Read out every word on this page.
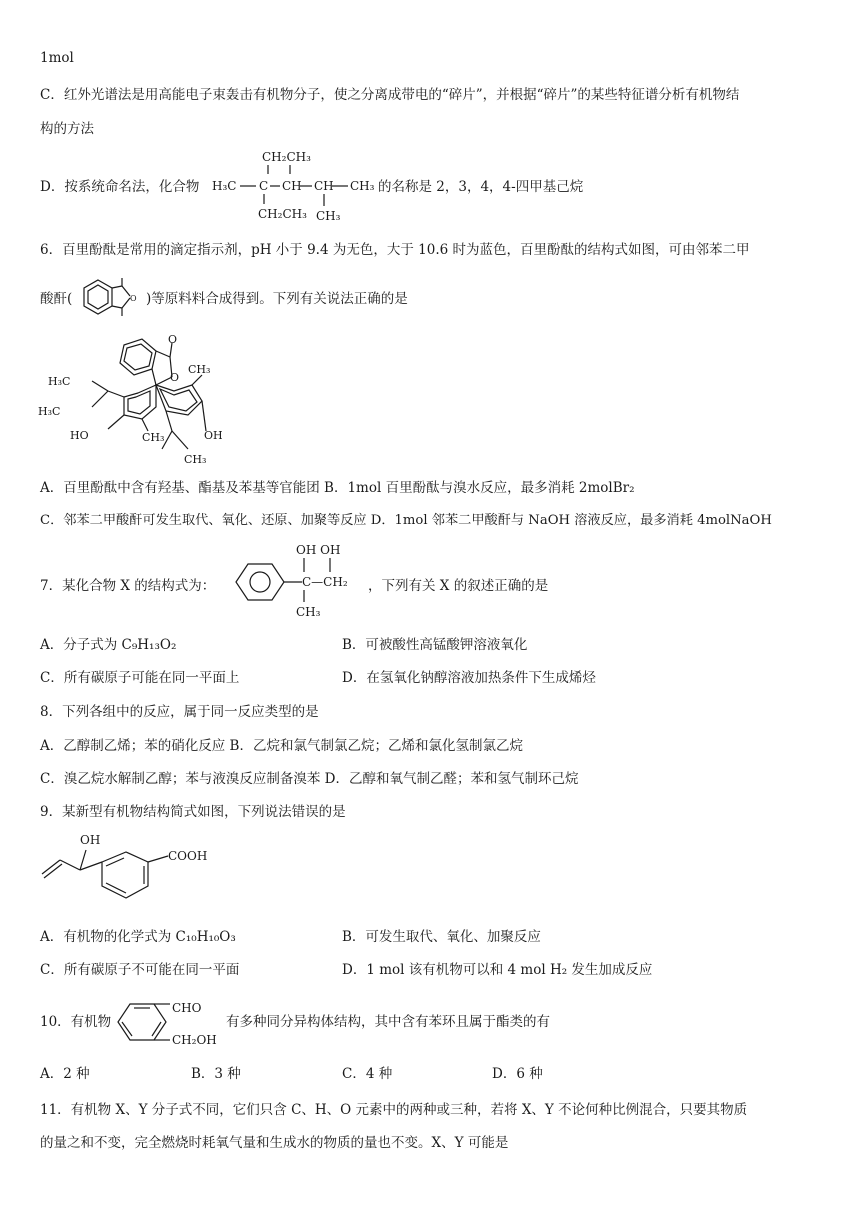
1mol
C．红外光谱法是用高能电子束轰击有机物分子，使之分离成带电的“碎片”，并根据“碎片”的某些特征谱分析有机物结
构的方法
D．按系统命名法，化合物	的名称是 2，3，4，4-四甲基己烷
6．百里酚酞是常用的滴定指示剂，pH 小于 9.4 为无色，大于 10.6 时为蓝色，百里酚酞的结构式如图，可由邻苯二甲
酸酐(	)等原料料合成得到。下列有关说法正确的是
A．百里酚酞中含有羟基、酯基及苯基等官能团 B．1mol 百里酚酞与溴水反应，最多消耗 2molBr₂
C．邻苯二甲酸酐可发生取代、氧化、还原、加聚等反应 D．1mol 邻苯二甲酸酐与 NaOH 溶液反应，最多消耗 4molNaOH
7．某化合物 X 的结构式为：	，下列有关 X 的叙述正确的是
A．分子式为 C₉H₁₃O₂	B．可被酸性高锰酸钾溶液氧化
C．所有碳原子可能在同一平面上	D．在氢氧化钠醇溶液加热条件下生成烯烃
8．下列各组中的反应，属于同一反应类型的是
A．乙醇制乙烯；苯的硝化反应 B．乙烷和氯气制氯乙烷；乙烯和氯化氢制氯乙烷
C．溴乙烷水解制乙醇；苯与液溴反应制备溴苯 D．乙醇和氧气制乙醛；苯和氢气制环己烷
9．某新型有机物结构简式如图，下列说法错误的是
A．有机物的化学式为 C₁₀H₁₀O₃	B．可发生取代、氧化、加聚反应
C．所有碳原子不可能在同一平面	D．1 mol 该有机物可以和 4 mol H₂ 发生加成反应
10．有机物	有多种同分异构体结构，其中含有苯环且属于酯类的有
A．2 种	B．3 种	C．4 种	D．6 种
11．有机物 X、Y 分子式不同，它们只含 C、H、O 元素中的两种或三种，若将 X、Y 不论何种比例混合，只要其物质
的量之和不变，完全燃烧时耗氧气量和生成水的物质的量也不变。X、Y 可能是
CH₂CH₃
H₃C C CH CH CH₃
CH₂CH₃ CH₃
O
O
O
H₃C
H₃C
CH₃
HO
CH₃
OH
CH₃
OH OH
C—CH₂
CH₃
OH
COOH
CHO
CH₂OH
